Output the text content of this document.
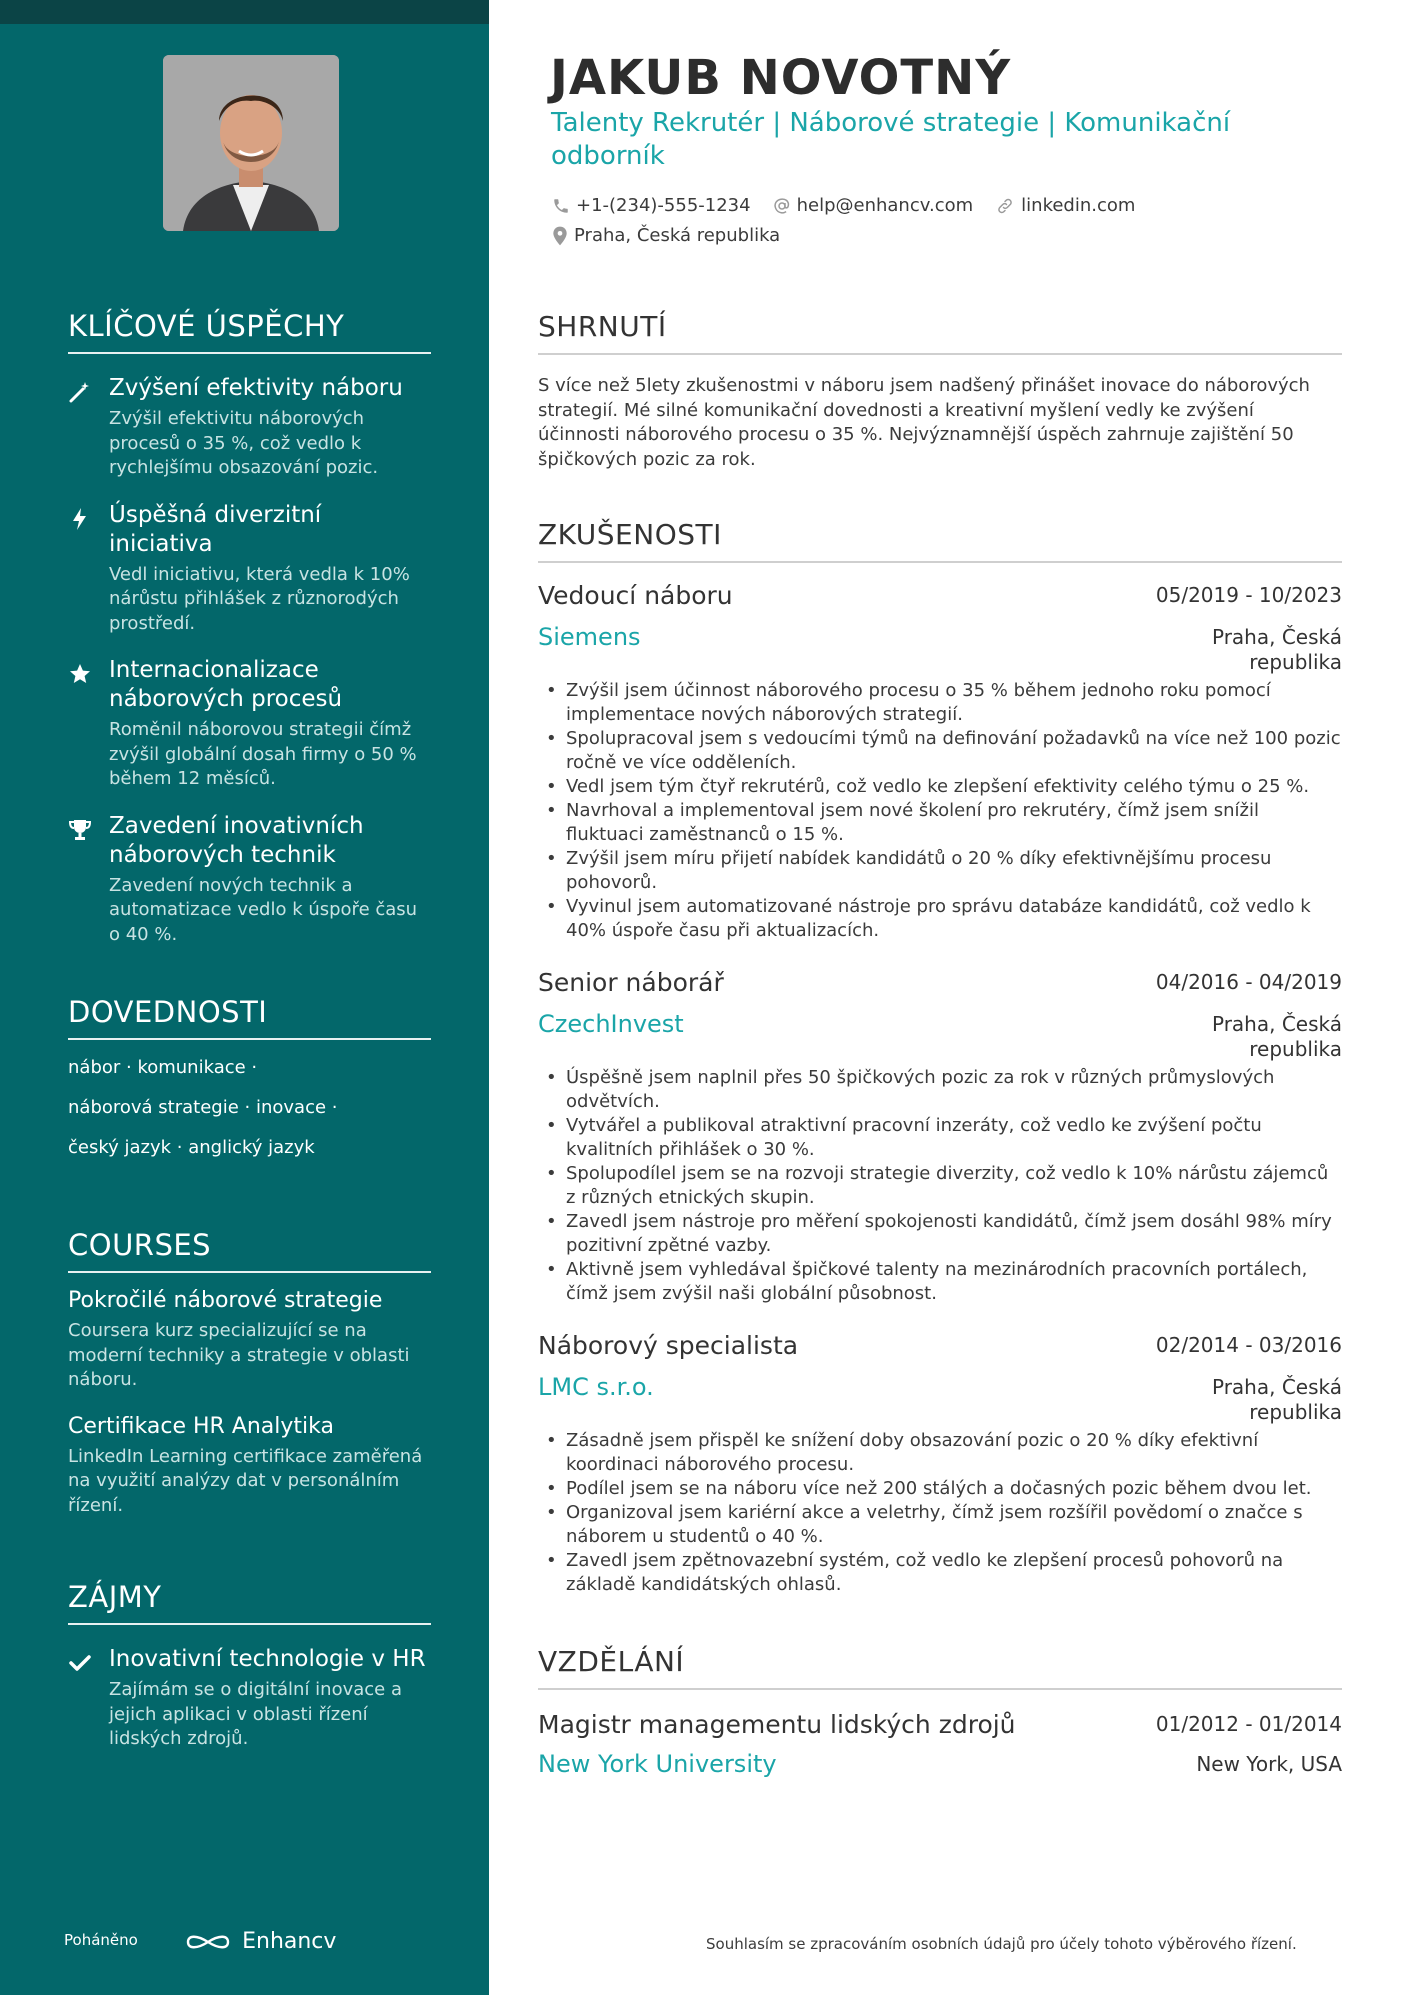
KLÍČOVÉ ÚSPĚCHY
Zvýšení efektivity náboru
Zvýšil efektivitu náborových procesů o 35 %, což vedlo k rychlejšímu obsazování pozic.
Úspěšná diverzitní iniciativa
Vedl iniciativu, která vedla k 10% nárůstu přihlášek z různorodých prostředí.
Internacionalizace náborových procesů
Roměnil náborovou strategii čímž zvýšil globální dosah firmy o 50 % během 12 měsíců.
Zavedení inovativních náborových technik
Zavedení nových technik a automatizace vedlo k úspoře času o 40 %.
DOVEDNOSTI
nábor · komunikace ·
náborová strategie · inovace ·
český jazyk · anglický jazyk
COURSES
Pokročilé náborové strategie
Coursera kurz specializující se na moderní techniky a strategie v oblasti náboru.
Certifikace HR Analytika
LinkedIn Learning certifikace zaměřená na využití analýzy dat v personálním řízení.
ZÁJMY
Inovativní technologie v HR
Zajímám se o digitální inovace a jejich aplikaci v oblasti řízení lidských zdrojů.
Poháněno	Enhancv	Souhlasím se zpracováním osobních údajů pro účely tohoto výběrového řízení.
JAKUB NOVOTNÝ
Talenty Rekrutér | Náborové strategie | Komunikační odborník
+1-(234)-555-1234	help@enhancv.com	linkedin.com
Praha, Česká republika
SHRNUTÍ
S více než 5lety zkušenostmi v náboru jsem nadšený přinášet inovace do náborových strategií. Mé silné komunikační dovednosti a kreativní myšlení vedly ke zvýšení účinnosti náborového procesu o 35 %. Nejvýznamnější úspěch zahrnuje zajištění 50 špičkových pozic za rok.
ZKUŠENOSTI
Vedoucí náboru	05/2019 - 10/2023
Siemens	Praha, Česká republika
• Zvýšil jsem účinnost náborového procesu o 35 % během jednoho roku pomocí implementace nových náborových strategií.
• Spolupracoval jsem s vedoucími týmů na definování požadavků na více než 100 pozic ročně ve více odděleních.
• Vedl jsem tým čtyř rekrutérů, což vedlo ke zlepšení efektivity celého týmu o 25 %.
• Navrhoval a implementoval jsem nové školení pro rekrutéry, čímž jsem snížil fluktuaci zaměstnanců o 15 %.
• Zvýšil jsem míru přijetí nabídek kandidátů o 20 % díky efektivnějšímu procesu pohovorů.
• Vyvinul jsem automatizované nástroje pro správu databáze kandidátů, což vedlo k 40% úspoře času při aktualizacích.
Senior náborář	04/2016 - 04/2019
CzechInvest	Praha, Česká republika
• Úspěšně jsem naplnil přes 50 špičkových pozic za rok v různých průmyslových odvětvích.
• Vytvářel a publikoval atraktivní pracovní inzeráty, což vedlo ke zvýšení počtu kvalitních přihlášek o 30 %.
• Spolupodílel jsem se na rozvoji strategie diverzity, což vedlo k 10% nárůstu zájemců z různých etnických skupin.
• Zavedl jsem nástroje pro měření spokojenosti kandidátů, čímž jsem dosáhl 98% míry pozitivní zpětné vazby.
• Aktivně jsem vyhledával špičkové talenty na mezinárodních pracovních portálech, čímž jsem zvýšil naši globální působnost.
Náborový specialista	02/2014 - 03/2016
LMC s.r.o.	Praha, Česká republika
• Zásadně jsem přispěl ke snížení doby obsazování pozic o 20 % díky efektivní koordinaci náborového procesu.
• Podílel jsem se na náboru více než 200 stálých a dočasných pozic během dvou let.
• Organizoval jsem kariérní akce a veletrhy, čímž jsem rozšířil povědomí o značce s náborem u studentů o 40 %.
• Zavedl jsem zpětnovazební systém, což vedlo ke zlepšení procesů pohovorů na základě kandidátských ohlasů.
VZDĚLÁNÍ
Magistr managementu lidských zdrojů	01/2012 - 01/2014
New York University	New York, USA
